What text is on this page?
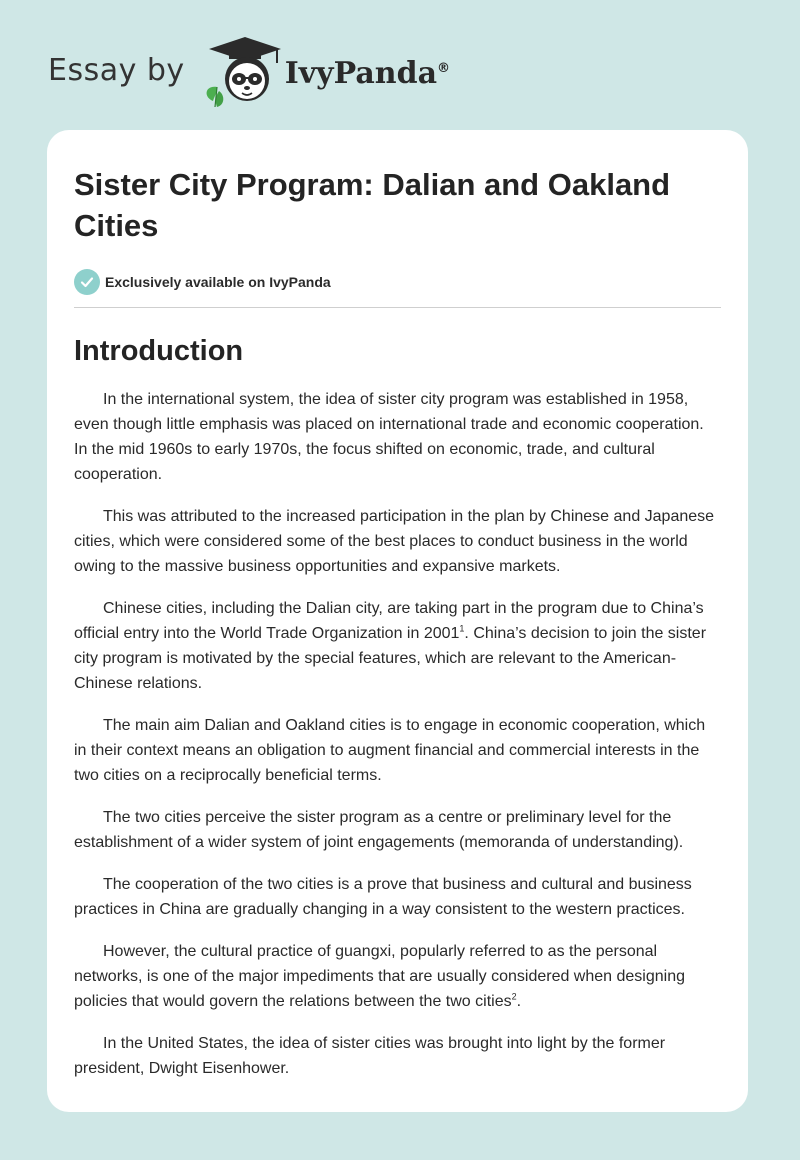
Essay by	IvyPanda®
Sister City Program: Dalian and Oakland Cities
Exclusively available on IvyPanda
Introduction

In the international system, the idea of sister city program was established in 1958, even though little emphasis was placed on international trade and economic cooperation. In the mid 1960s to early 1970s, the focus shifted on economic, trade, and cultural cooperation.

This was attributed to the increased participation in the plan by Chinese and Japanese cities, which were considered some of the best places to conduct business in the world owing to the massive business opportunities and expansive markets.

Chinese cities, including the Dalian city, are taking part in the program due to China’s official entry into the World Trade Organization in 2001$^1$. China’s decision to join the sister city program is motivated by the special features, which are relevant to the American-Chinese relations.

The main aim Dalian and Oakland cities is to engage in economic cooperation, which in their context means an obligation to augment financial and commercial interests in the two cities on a reciprocally beneficial terms.

The two cities perceive the sister program as a centre or preliminary level for the establishment of a wider system of joint engagements (memoranda of understanding).

The cooperation of the two cities is a prove that business and cultural and business practices in China are gradually changing in a way consistent to the western practices.

However, the cultural practice of guangxi, popularly referred to as the personal networks, is one of the major impediments that are usually considered when designing policies that would govern the relations between the two cities$^2$.

In the United States, the idea of sister cities was brought into light by the former president, Dwight Eisenhower.
